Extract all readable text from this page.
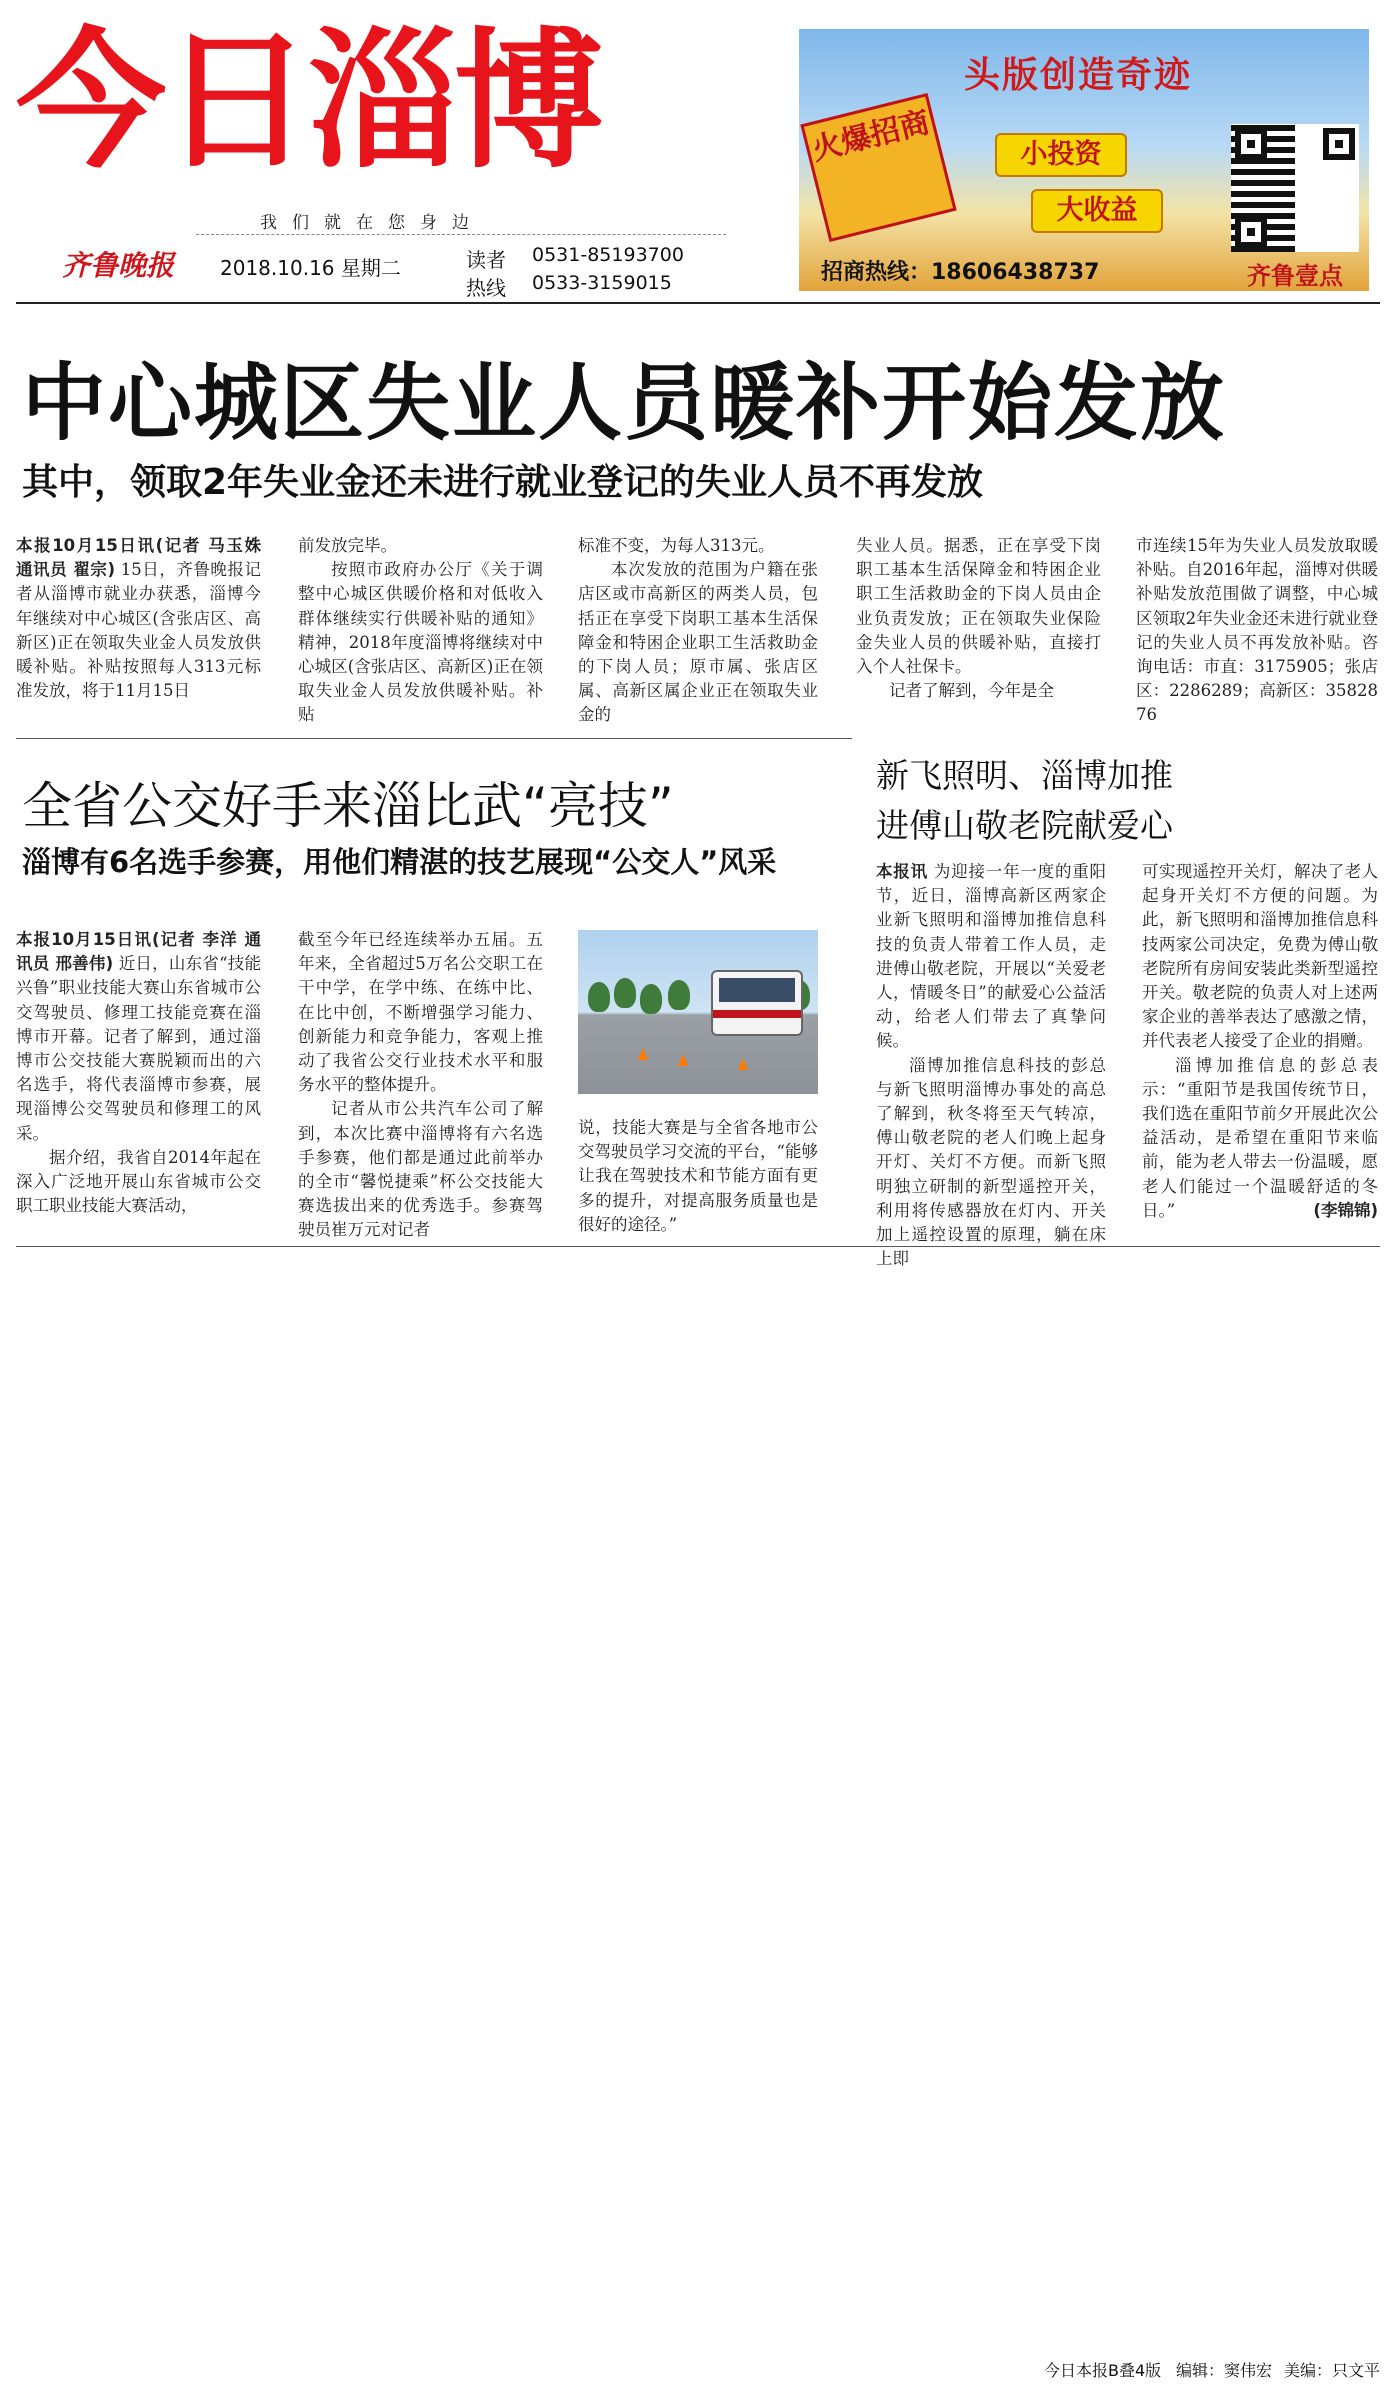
今日淄博
我们就在您身边
齐鲁晚报 2018.10.16 星期二	读者 0531-85193700
热线 0533-3159015
头版创造奇迹
火爆招商	小投资
大收益
招商热线：18606438737	齐鲁壹点
中心城区失业人员暖补开始发放
其中，领取2年失业金还未进行就业登记的失业人员不再发放

本报10月15日讯(记者 马玉姝 通讯员 翟宗) 15日，齐鲁晚报记者从淄博市就业办获悉，淄博今年继续对中心城区(含张店区、高新区)正在领取失业金人员发放供暖补贴。补贴按照每人313元标准发放，将于11月15日

前发放完毕。

按照市政府办公厅《关于调整中心城区供暖价格和对低收入群体继续实行供暖补贴的通知》精神，2018年度淄博将继续对中心城区(含张店区、高新区)正在领取失业金人员发放供暖补贴。补贴

标准不变，为每人313元。

本次发放的范围为户籍在张店区或市高新区的两类人员，包括正在享受下岗职工基本生活保障金和特困企业职工生活救助金的下岗人员；原市属、张店区属、高新区属企业正在领取失业金的

失业人员。据悉，正在享受下岗职工基本生活保障金和特困企业职工生活救助金的下岗人员由企业负责发放；正在领取失业保险金失业人员的供暖补贴，直接打入个人社保卡。

记者了解到，今年是全

市连续15年为失业人员发放取暖补贴。自2016年起，淄博对供暖补贴发放范围做了调整，中心城区领取2年失业金还未进行就业登记的失业人员不再发放补贴。咨询电话：市直：3175905；张店区：2286289；高新区：3582876

全省公交好手来淄比武“亮技”
淄博有6名选手参赛，用他们精湛的技艺展现“公交人”风采

本报10月15日讯(记者 李洋 通讯员 邢善伟) 近日，山东省“技能兴鲁”职业技能大赛山东省城市公交驾驶员、修理工技能竞赛在淄博市开幕。记者了解到，通过淄博市公交技能大赛脱颖而出的六名选手，将代表淄博市参赛，展现淄博公交驾驶员和修理工的风采。

据介绍，我省自2014年起在深入广泛地开展山东省城市公交职工职业技能大赛活动，

截至今年已经连续举办五届。五年来，全省超过5万名公交职工在干中学，在学中练、在练中比、在比中创，不断增强学习能力、创新能力和竞争能力，客观上推动了我省公交行业技术水平和服务水平的整体提升。

记者从市公共汽车公司了解到，本次比赛中淄博将有六名选手参赛，他们都是通过此前举办的全市“馨悦捷乘”杯公交技能大赛选拔出来的优秀选手。参赛驾驶员崔万元对记者

说，技能大赛是与全省各地市公交驾驶员学习交流的平台，“能够让我在驾驶技术和节能方面有更多的提升，对提高服务质量也是很好的途径。”

新飞照明、淄博加推
进傅山敬老院献爱心

本报讯 为迎接一年一度的重阳节，近日，淄博高新区两家企业新飞照明和淄博加推信息科技的负责人带着工作人员，走进傅山敬老院，开展以“关爱老人，情暖冬日”的献爱心公益活动，给老人们带去了真挚问候。

淄博加推信息科技的彭总与新飞照明淄博办事处的高总了解到，秋冬将至天气转凉，傅山敬老院的老人们晚上起身开灯、关灯不方便。而新飞照明独立研制的新型遥控开关，利用将传感器放在灯内、开关加上遥控设置的原理，躺在床上即

可实现遥控开关灯，解决了老人起身开关灯不方便的问题。为此，新飞照明和淄博加推信息科技两家公司决定，免费为傅山敬老院所有房间安装此类新型遥控开关。敬老院的负责人对上述两家企业的善举表达了感激之情，并代表老人接受了企业的捐赠。

淄博加推信息的彭总表示：“重阳节是我国传统节日，我们选在重阳节前夕开展此次公益活动，是希望在重阳节来临前，能为老人带去一份温暖，愿老人们能过一个温暖舒适的冬日。”	(李锦锦)

今日本报B叠4版 编辑：窦伟宏 美编：只文平
